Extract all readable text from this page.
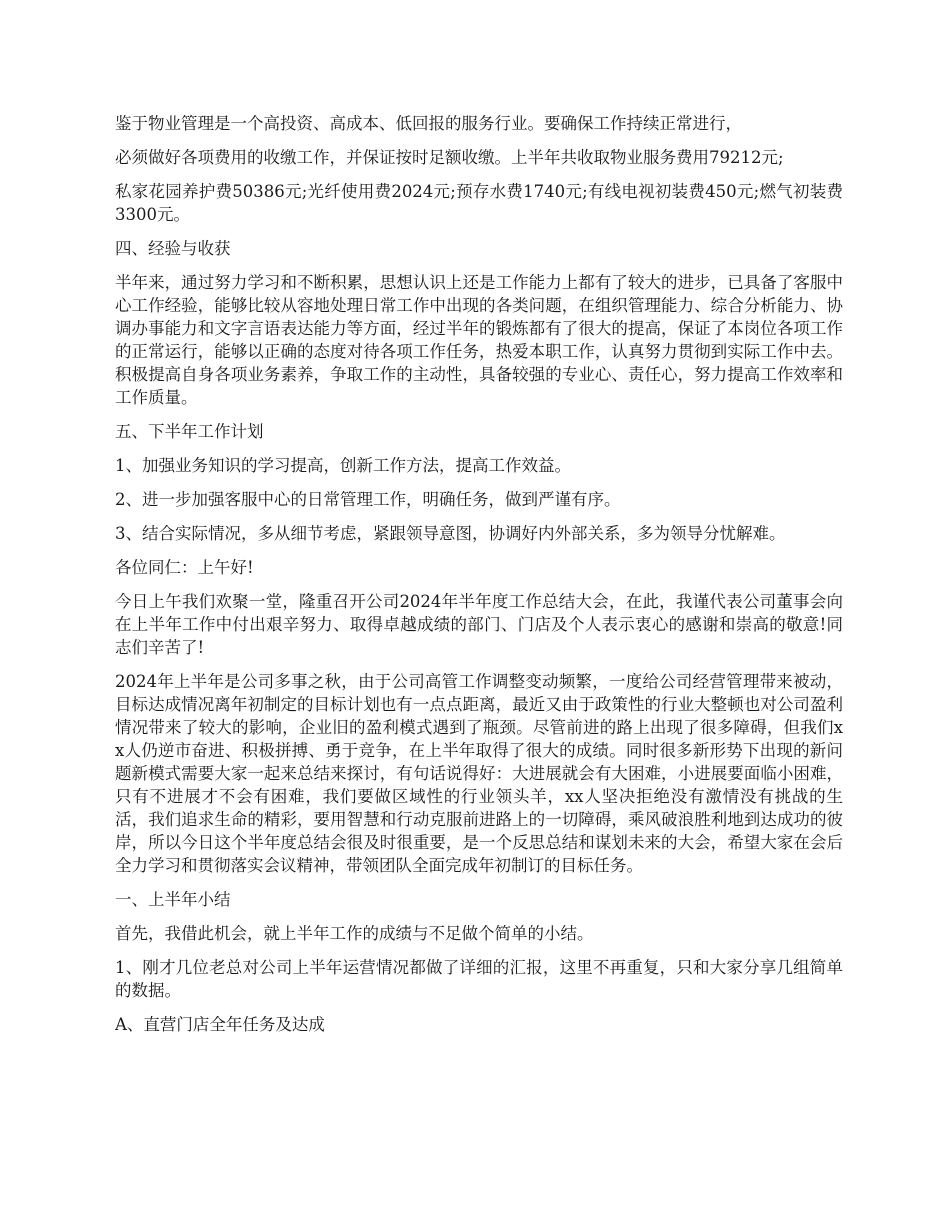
鉴于物业管理是一个高投资、高成本、低回报的服务行业。要确保工作持续正常进行，

必须做好各项费用的收缴工作，并保证按时足额收缴。上半年共收取物业服务费用79212元;

私家花园养护费50386元;光纤使用费2024元;预存水费1740元;有线电视初装费450元;燃气初装费3300元。

四、经验与收获

半年来，通过努力学习和不断积累，思想认识上还是工作能力上都有了较大的进步，已具备了客服中心工作经验，能够比较从容地处理日常工作中出现的各类问题，在组织管理能力、综合分析能力、协调办事能力和文字言语表达能力等方面，经过半年的锻炼都有了很大的提高，保证了本岗位各项工作的正常运行，能够以正确的态度对待各项工作任务，热爱本职工作，认真努力贯彻到实际工作中去。积极提高自身各项业务素养，争取工作的主动性，具备较强的专业心、责任心，努力提高工作效率和工作质量。

五、下半年工作计划

1、加强业务知识的学习提高，创新工作方法，提高工作效益。

2、进一步加强客服中心的日常管理工作，明确任务，做到严谨有序。

3、结合实际情况，多从细节考虑，紧跟领导意图，协调好内外部关系，多为领导分忧解难。

各位同仁：上午好!

今日上午我们欢聚一堂，隆重召开公司2024年半年度工作总结大会，在此，我谨代表公司董事会向在上半年工作中付出艰辛努力、取得卓越成绩的部门、门店及个人表示衷心的感谢和崇高的敬意!同志们辛苦了!

2024年上半年是公司多事之秋，由于公司高管工作调整变动频繁，一度给公司经营管理带来被动，目标达成情况离年初制定的目标计划也有一点点距离，最近又由于政策性的行业大整顿也对公司盈利情况带来了较大的影响，企业旧的盈利模式遇到了瓶颈。尽管前进的路上出现了很多障碍，但我们xx人仍逆市奋进、积极拼搏、勇于竞争，在上半年取得了很大的成绩。同时很多新形势下出现的新问题新模式需要大家一起来总结来探讨，有句话说得好：大进展就会有大困难，小进展要面临小困难，只有不进展才不会有困难，我们要做区域性的行业领头羊，xx人坚决拒绝没有激情没有挑战的生活，我们追求生命的精彩，要用智慧和行动克服前进路上的一切障碍，乘风破浪胜利地到达成功的彼岸，所以今日这个半年度总结会很及时很重要，是一个反思总结和谋划未来的大会，希望大家在会后全力学习和贯彻落实会议精神，带领团队全面完成年初制订的目标任务。

一、上半年小结

首先，我借此机会，就上半年工作的成绩与不足做个简单的小结。

1、刚才几位老总对公司上半年运营情况都做了详细的汇报，这里不再重复，只和大家分享几组简单的数据。

A、直营门店全年任务及达成
